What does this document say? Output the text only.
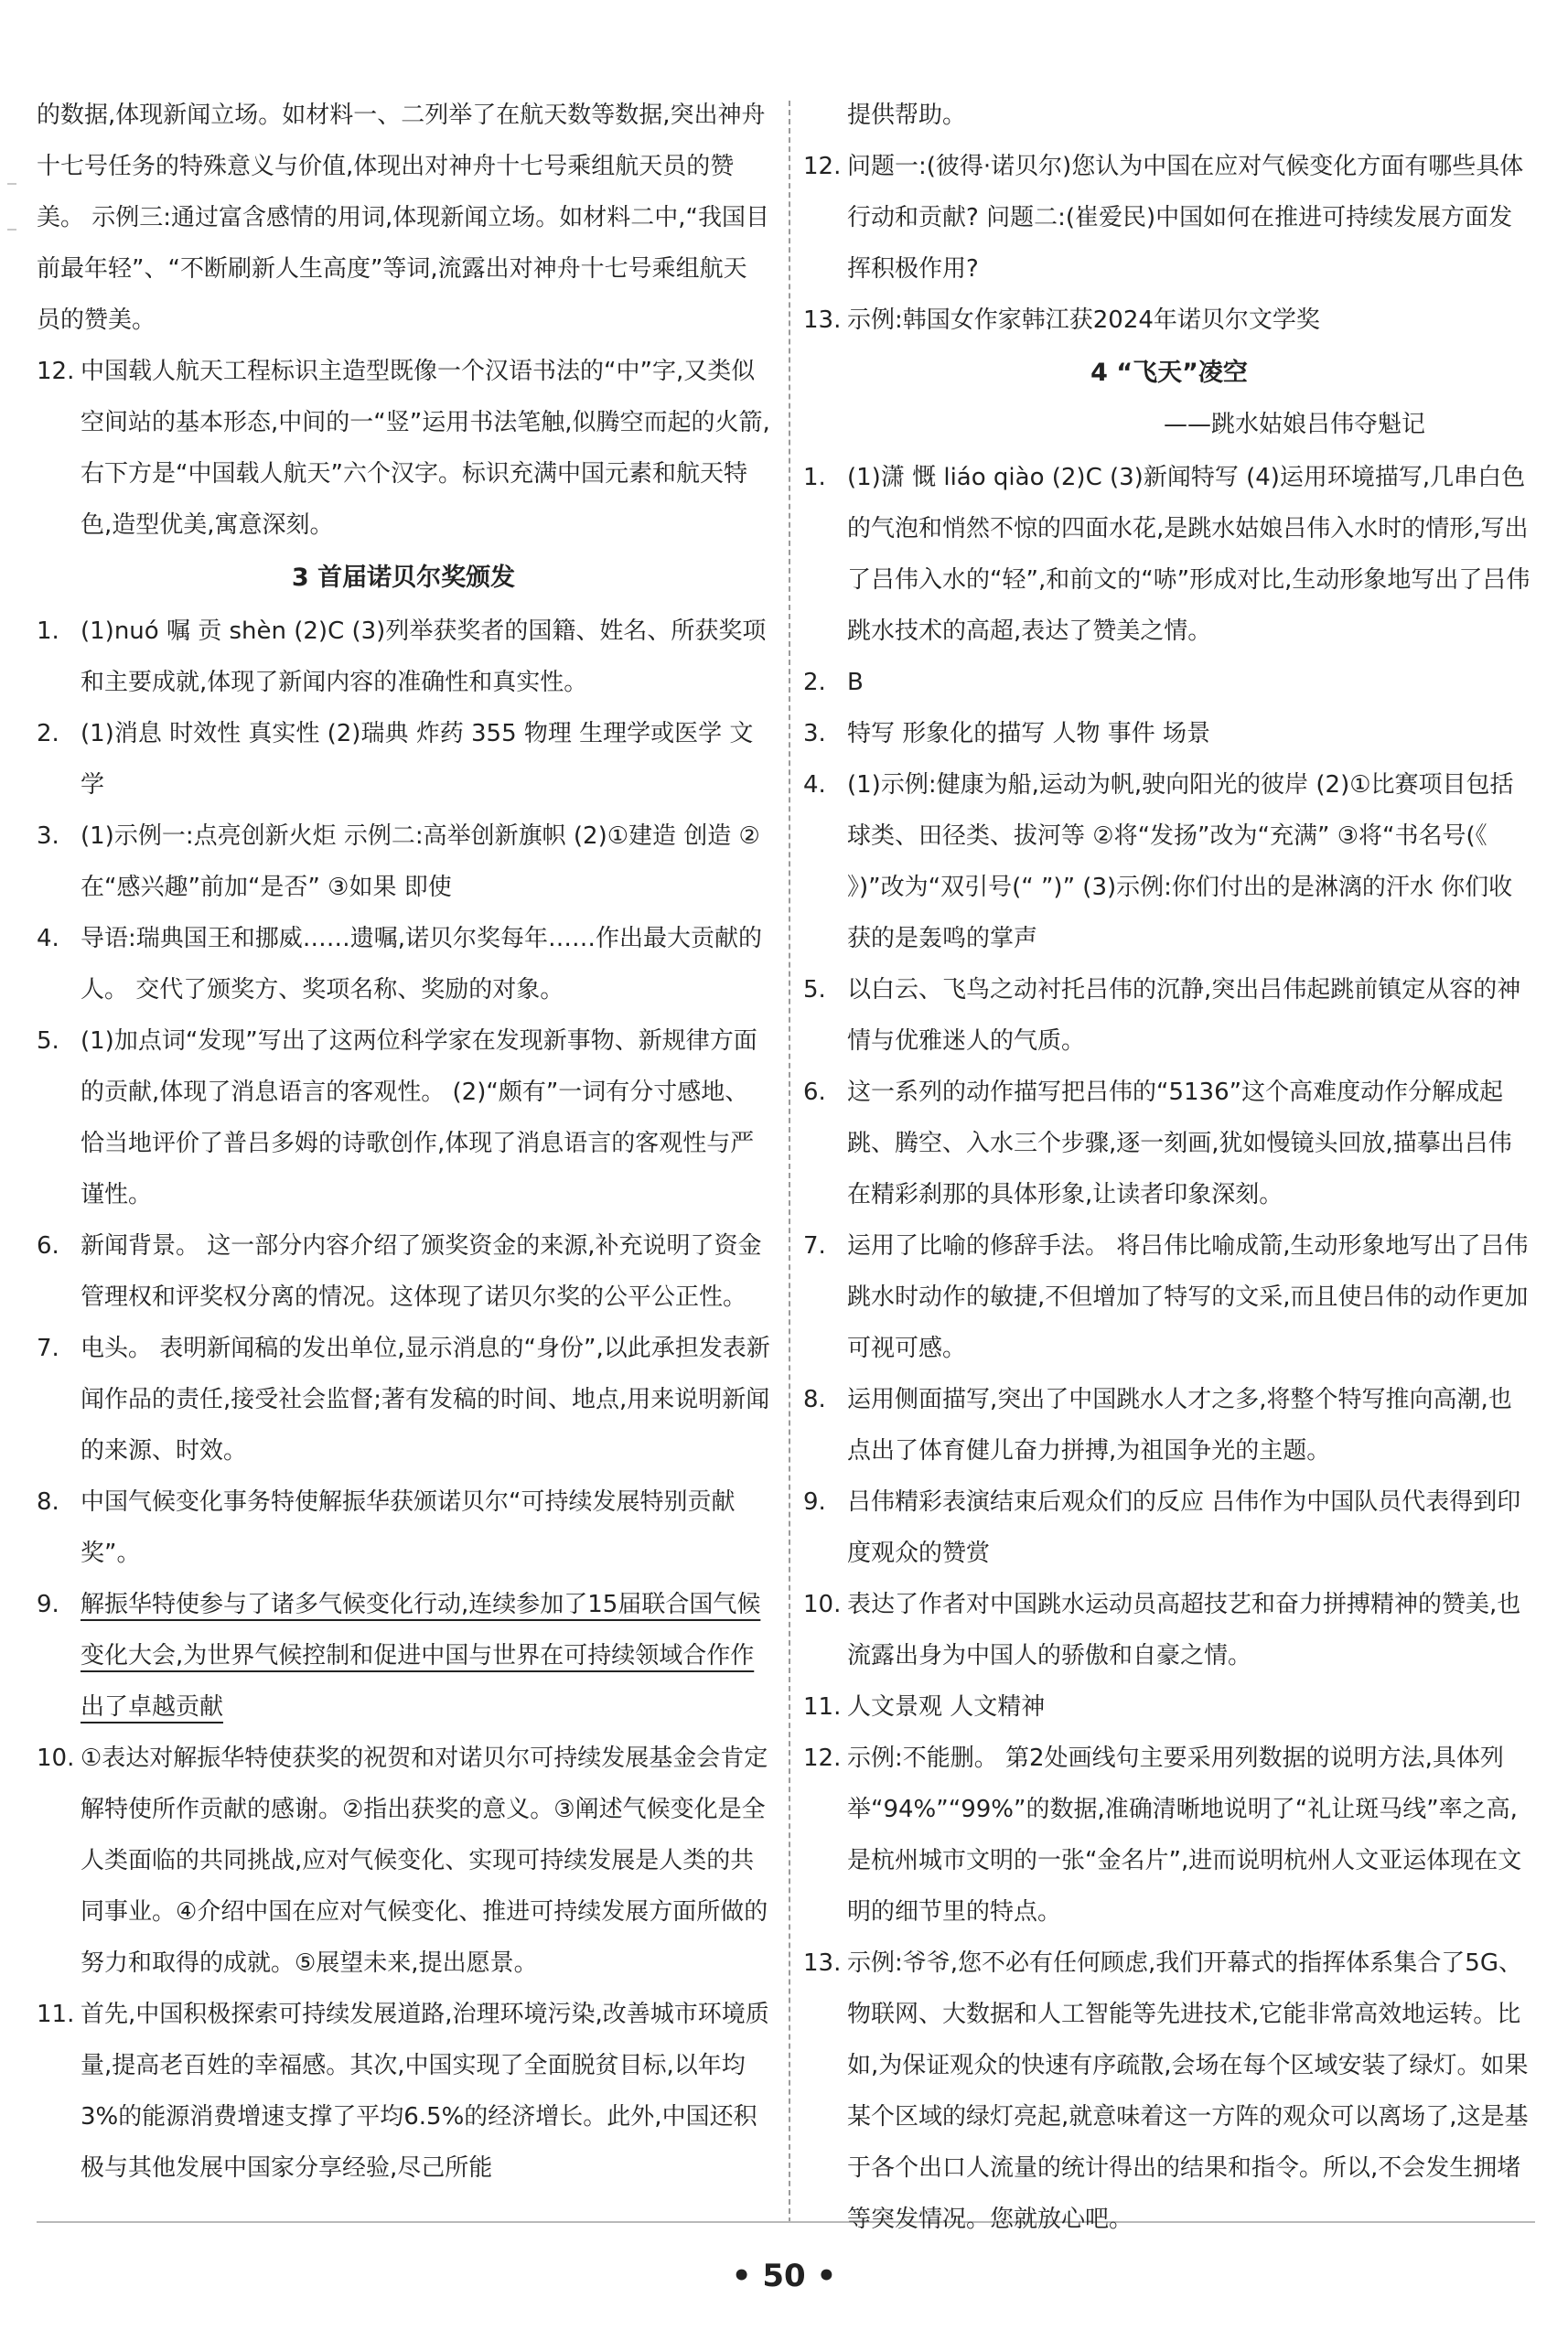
的数据,体现新闻立场。如材料一、二列举了在航天数等数据,突出神舟十七号任务的特殊意义与价值,体现出对神舟十七号乘组航天员的赞美。 示例三:通过富含感情的用词,体现新闻立场。如材料二中,“我国目前最年轻”、“不断刷新人生高度”等词,流露出对神舟十七号乘组航天员的赞美。

12. 中国载人航天工程标识主造型既像一个汉语书法的“中”字,又类似空间站的基本形态,中间的一“竖”运用书法笔触,似腾空而起的火箭,右下方是“中国载人航天”六个汉字。标识充满中国元素和航天特色,造型优美,寓意深刻。

3 首届诺贝尔奖颁发

1. (1)nuó 嘱 贡 shèn (2)C (3)列举获奖者的国籍、姓名、所获奖项和主要成就,体现了新闻内容的准确性和真实性。

2. (1)消息 时效性 真实性 (2)瑞典 炸药 355 物理 生理学或医学 文学

3. (1)示例一:点亮创新火炬 示例二:高举创新旗帜 (2)①建造 创造 ②在“感兴趣”前加“是否” ③如果 即使

4. 导语:瑞典国王和挪威……遗嘱,诺贝尔奖每年……作出最大贡献的人。 交代了颁奖方、奖项名称、奖励的对象。

5. (1)加点词“发现”写出了这两位科学家在发现新事物、新规律方面的贡献,体现了消息语言的客观性。 (2)“颇有”一词有分寸感地、恰当地评价了普吕多姆的诗歌创作,体现了消息语言的客观性与严谨性。

6. 新闻背景。 这一部分内容介绍了颁奖资金的来源,补充说明了资金管理权和评奖权分离的情况。这体现了诺贝尔奖的公平公正性。

7. 电头。 表明新闻稿的发出单位,显示消息的“身份”,以此承担发表新闻作品的责任,接受社会监督;著有发稿的时间、地点,用来说明新闻的来源、时效。

8. 中国气候变化事务特使解振华获颁诺贝尔“可持续发展特别贡献奖”。

9. 解振华特使参与了诸多气候变化行动,连续参加了15届联合国气候变化大会,为世界气候控制和促进中国与世界在可持续领域合作作出了卓越贡献

10. ①表达对解振华特使获奖的祝贺和对诺贝尔可持续发展基金会肯定解特使所作贡献的感谢。②指出获奖的意义。③阐述气候变化是全人类面临的共同挑战,应对气候变化、实现可持续发展是人类的共同事业。④介绍中国在应对气候变化、推进可持续发展方面所做的努力和取得的成就。⑤展望未来,提出愿景。

11. 首先,中国积极探索可持续发展道路,治理环境污染,改善城市环境质量,提高老百姓的幸福感。其次,中国实现了全面脱贫目标,以年均3%的能源消费增速支撑了平均6.5%的经济增长。此外,中国还积极与其他发展中国家分享经验,尽己所能

提供帮助。

12. 问题一:(彼得·诺贝尔)您认为中国在应对气候变化方面有哪些具体行动和贡献? 问题二:(崔爱民)中国如何在推进可持续发展方面发挥积极作用?

13. 示例:韩国女作家韩江获2024年诺贝尔文学奖

4 “飞天”凌空
——跳水姑娘吕伟夺魁记

1. (1)潇 慨 liáo qiào (2)C (3)新闻特写 (4)运用环境描写,几串白色的气泡和悄然不惊的四面水花,是跳水姑娘吕伟入水时的情形,写出了吕伟入水的“轻”,和前文的“哧”形成对比,生动形象地写出了吕伟跳水技术的高超,表达了赞美之情。

2. B

3. 特写 形象化的描写 人物 事件 场景

4. (1)示例:健康为船,运动为帆,驶向阳光的彼岸 (2)①比赛项目包括球类、田径类、拔河等 ②将“发扬”改为“充满” ③将“书名号(《 》)”改为“双引号(“ ”)” (3)示例:你们付出的是淋漓的汗水 你们收获的是轰鸣的掌声

5. 以白云、飞鸟之动衬托吕伟的沉静,突出吕伟起跳前镇定从容的神情与优雅迷人的气质。

6. 这一系列的动作描写把吕伟的“5136”这个高难度动作分解成起跳、腾空、入水三个步骤,逐一刻画,犹如慢镜头回放,描摹出吕伟在精彩刹那的具体形象,让读者印象深刻。

7. 运用了比喻的修辞手法。 将吕伟比喻成箭,生动形象地写出了吕伟跳水时动作的敏捷,不但增加了特写的文采,而且使吕伟的动作更加可视可感。

8. 运用侧面描写,突出了中国跳水人才之多,将整个特写推向高潮,也点出了体育健儿奋力拼搏,为祖国争光的主题。

9. 吕伟精彩表演结束后观众们的反应 吕伟作为中国队员代表得到印度观众的赞赏

10. 表达了作者对中国跳水运动员高超技艺和奋力拼搏精神的赞美,也流露出身为中国人的骄傲和自豪之情。

11. 人文景观 人文精神

12. 示例:不能删。 第2处画线句主要采用列数据的说明方法,具体列举“94%”“99%”的数据,准确清晰地说明了“礼让斑马线”率之高,是杭州城市文明的一张“金名片”,进而说明杭州人文亚运体现在文明的细节里的特点。

13. 示例:爷爷,您不必有任何顾虑,我们开幕式的指挥体系集合了5G、物联网、大数据和人工智能等先进技术,它能非常高效地运转。比如,为保证观众的快速有序疏散,会场在每个区域安装了绿灯。如果某个区域的绿灯亮起,就意味着这一方阵的观众可以离场了,这是基于各个出口人流量的统计得出的结果和指令。所以,不会发生拥堵等突发情况。您就放心吧。

• 50 •
